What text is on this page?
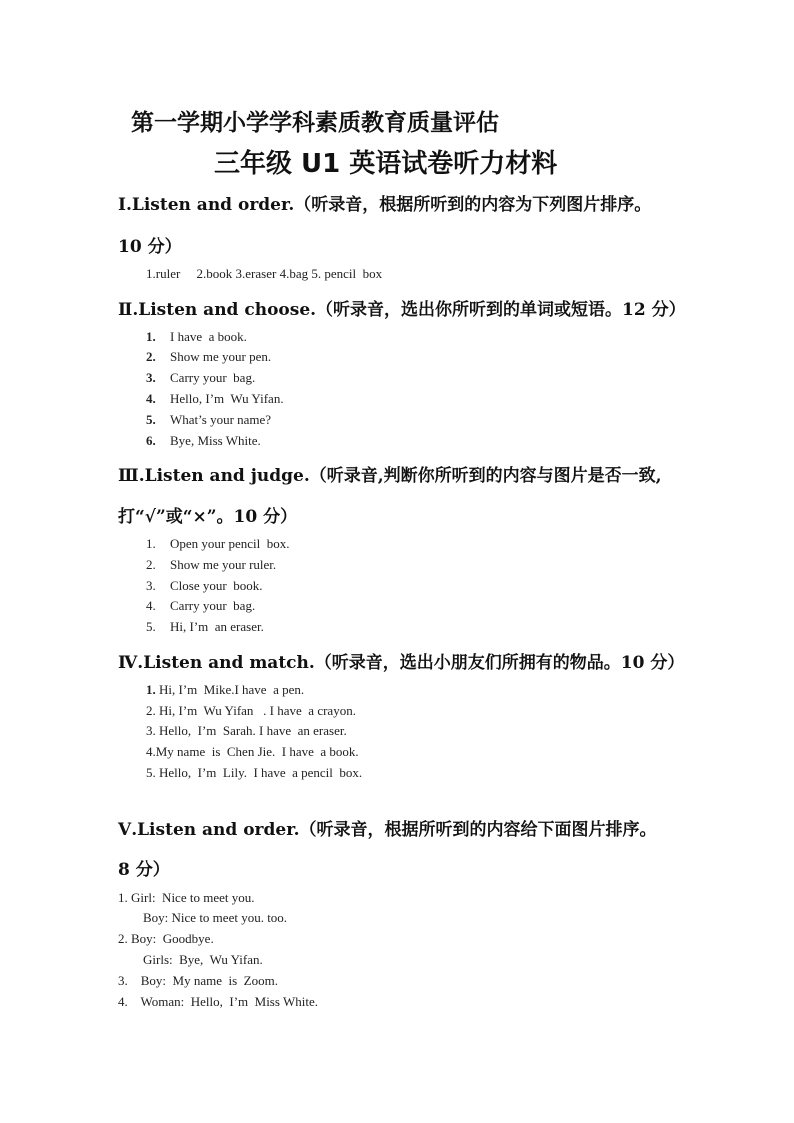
第一学期小学学科素质教育质量评估
三年级 U1 英语试卷听力材料
Ⅰ.Listen and order.（听录音，根据所听到的内容为下列图片排序。
10 分）
1.ruler     2.book 3.eraser 4.bag 5. pencil  box
Ⅱ.Listen and choose.（听录音，选出你所听到的单词或短语。12 分）
1. I have  a book.
2. Show me your pen.
3. Carry your  bag.
4. Hello, I’m  Wu Yifan.
5. What’s your name?
6. Bye, Miss White.
Ⅲ.Listen and judge.（听录音,判断你所听到的内容与图片是否一致,
打“√”或“×”。10 分）
1. Open your pencil  box.
2. Show me your ruler.
3. Close your  book.
4. Carry your  bag.
5. Hi, I’m  an eraser.
Ⅳ.Listen and match.（听录音，选出小朋友们所拥有的物品。10 分）
1. Hi, I’m  Mike.I have  a pen.
2. Hi, I’m  Wu Yifan   . I have  a crayon.
3. Hello,  I’m  Sarah. I have  an eraser.
4.My name  is  Chen Jie.  I have  a book.
5. Hello,  I’m  Lily.  I have  a pencil  box.
Ⅴ.Listen and order.（听录音，根据所听到的内容给下面图片排序。
8 分）
1. Girl:  Nice to meet you.
Boy: Nice to meet you. too.
2. Boy:  Goodbye.
Girls:  Bye,  Wu Yifan.
3.    Boy:  My name  is  Zoom.
4.    Woman:  Hello,  I’m  Miss White.
